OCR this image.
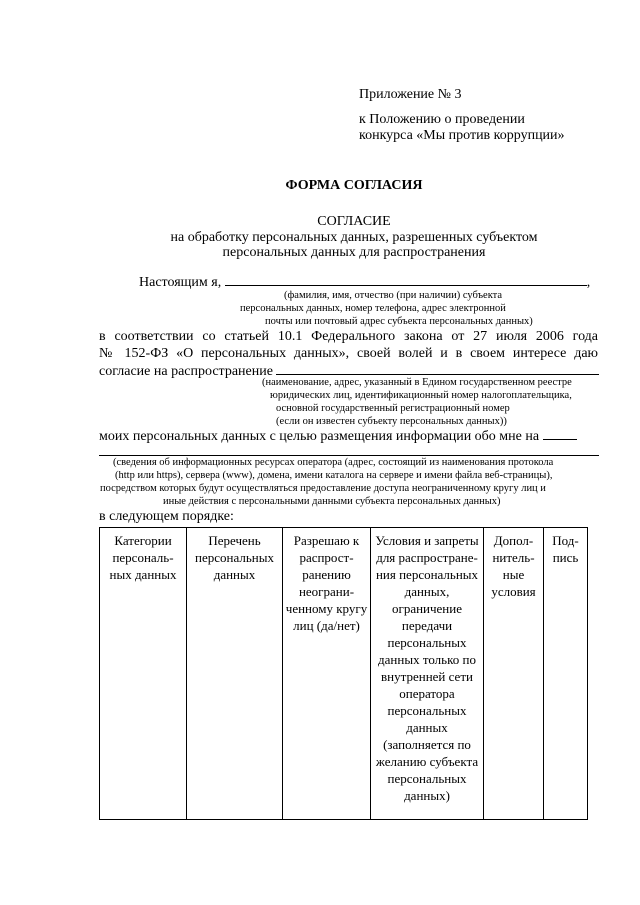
Приложение № 3
к Положению о проведении
конкурса «Мы против коррупции»
ФОРМА СОГЛАСИЯ
СОГЛАСИЕ
на обработку персональных данных, разрешенных субъектом
персональных данных для распространения
Настоящим я,	,
(фамилия, имя, отчество (при наличии) субъекта
персональных данных, номер телефона, адрес электронной
почты или почтовый адрес субъекта персональных данных)
в соответствии со статьей 10.1 Федерального закона от 27 июля 2006 года
№ 152-ФЗ «О персональных данных», своей волей и в своем интересе даю
согласие на распространение
(наименование, адрес, указанный в Едином государственном реестре
юридических лиц, идентификационный номер налогоплательщика,
основной государственный регистрационный номер
(если он известен субъекту персональных данных))
моих персональных данных с целью размещения информации обо мне на
(сведения об информационных ресурсах оператора (адрес, состоящий из наименования протокола
(http или https), сервера (www), домена, имени каталога на сервере и имени файла веб-страницы),
посредством которых будут осуществляться предоставление доступа неограниченному кругу лиц и
иные действия с персональными данными субъекта персональных данных)
в следующем порядке:
Категории персональ- ных данных	Перечень персональных данных	Разрешаю к распрост- ранению неограни- ченному кругу лиц (да/нет)	Условия и запреты для распростране- ния персональных данных, ограничение передачи персональных данных только по внутренней сети оператора персональных данных (заполняется по желанию субъекта персональных данных)	Допол- нитель- ные условия	Под- пись
